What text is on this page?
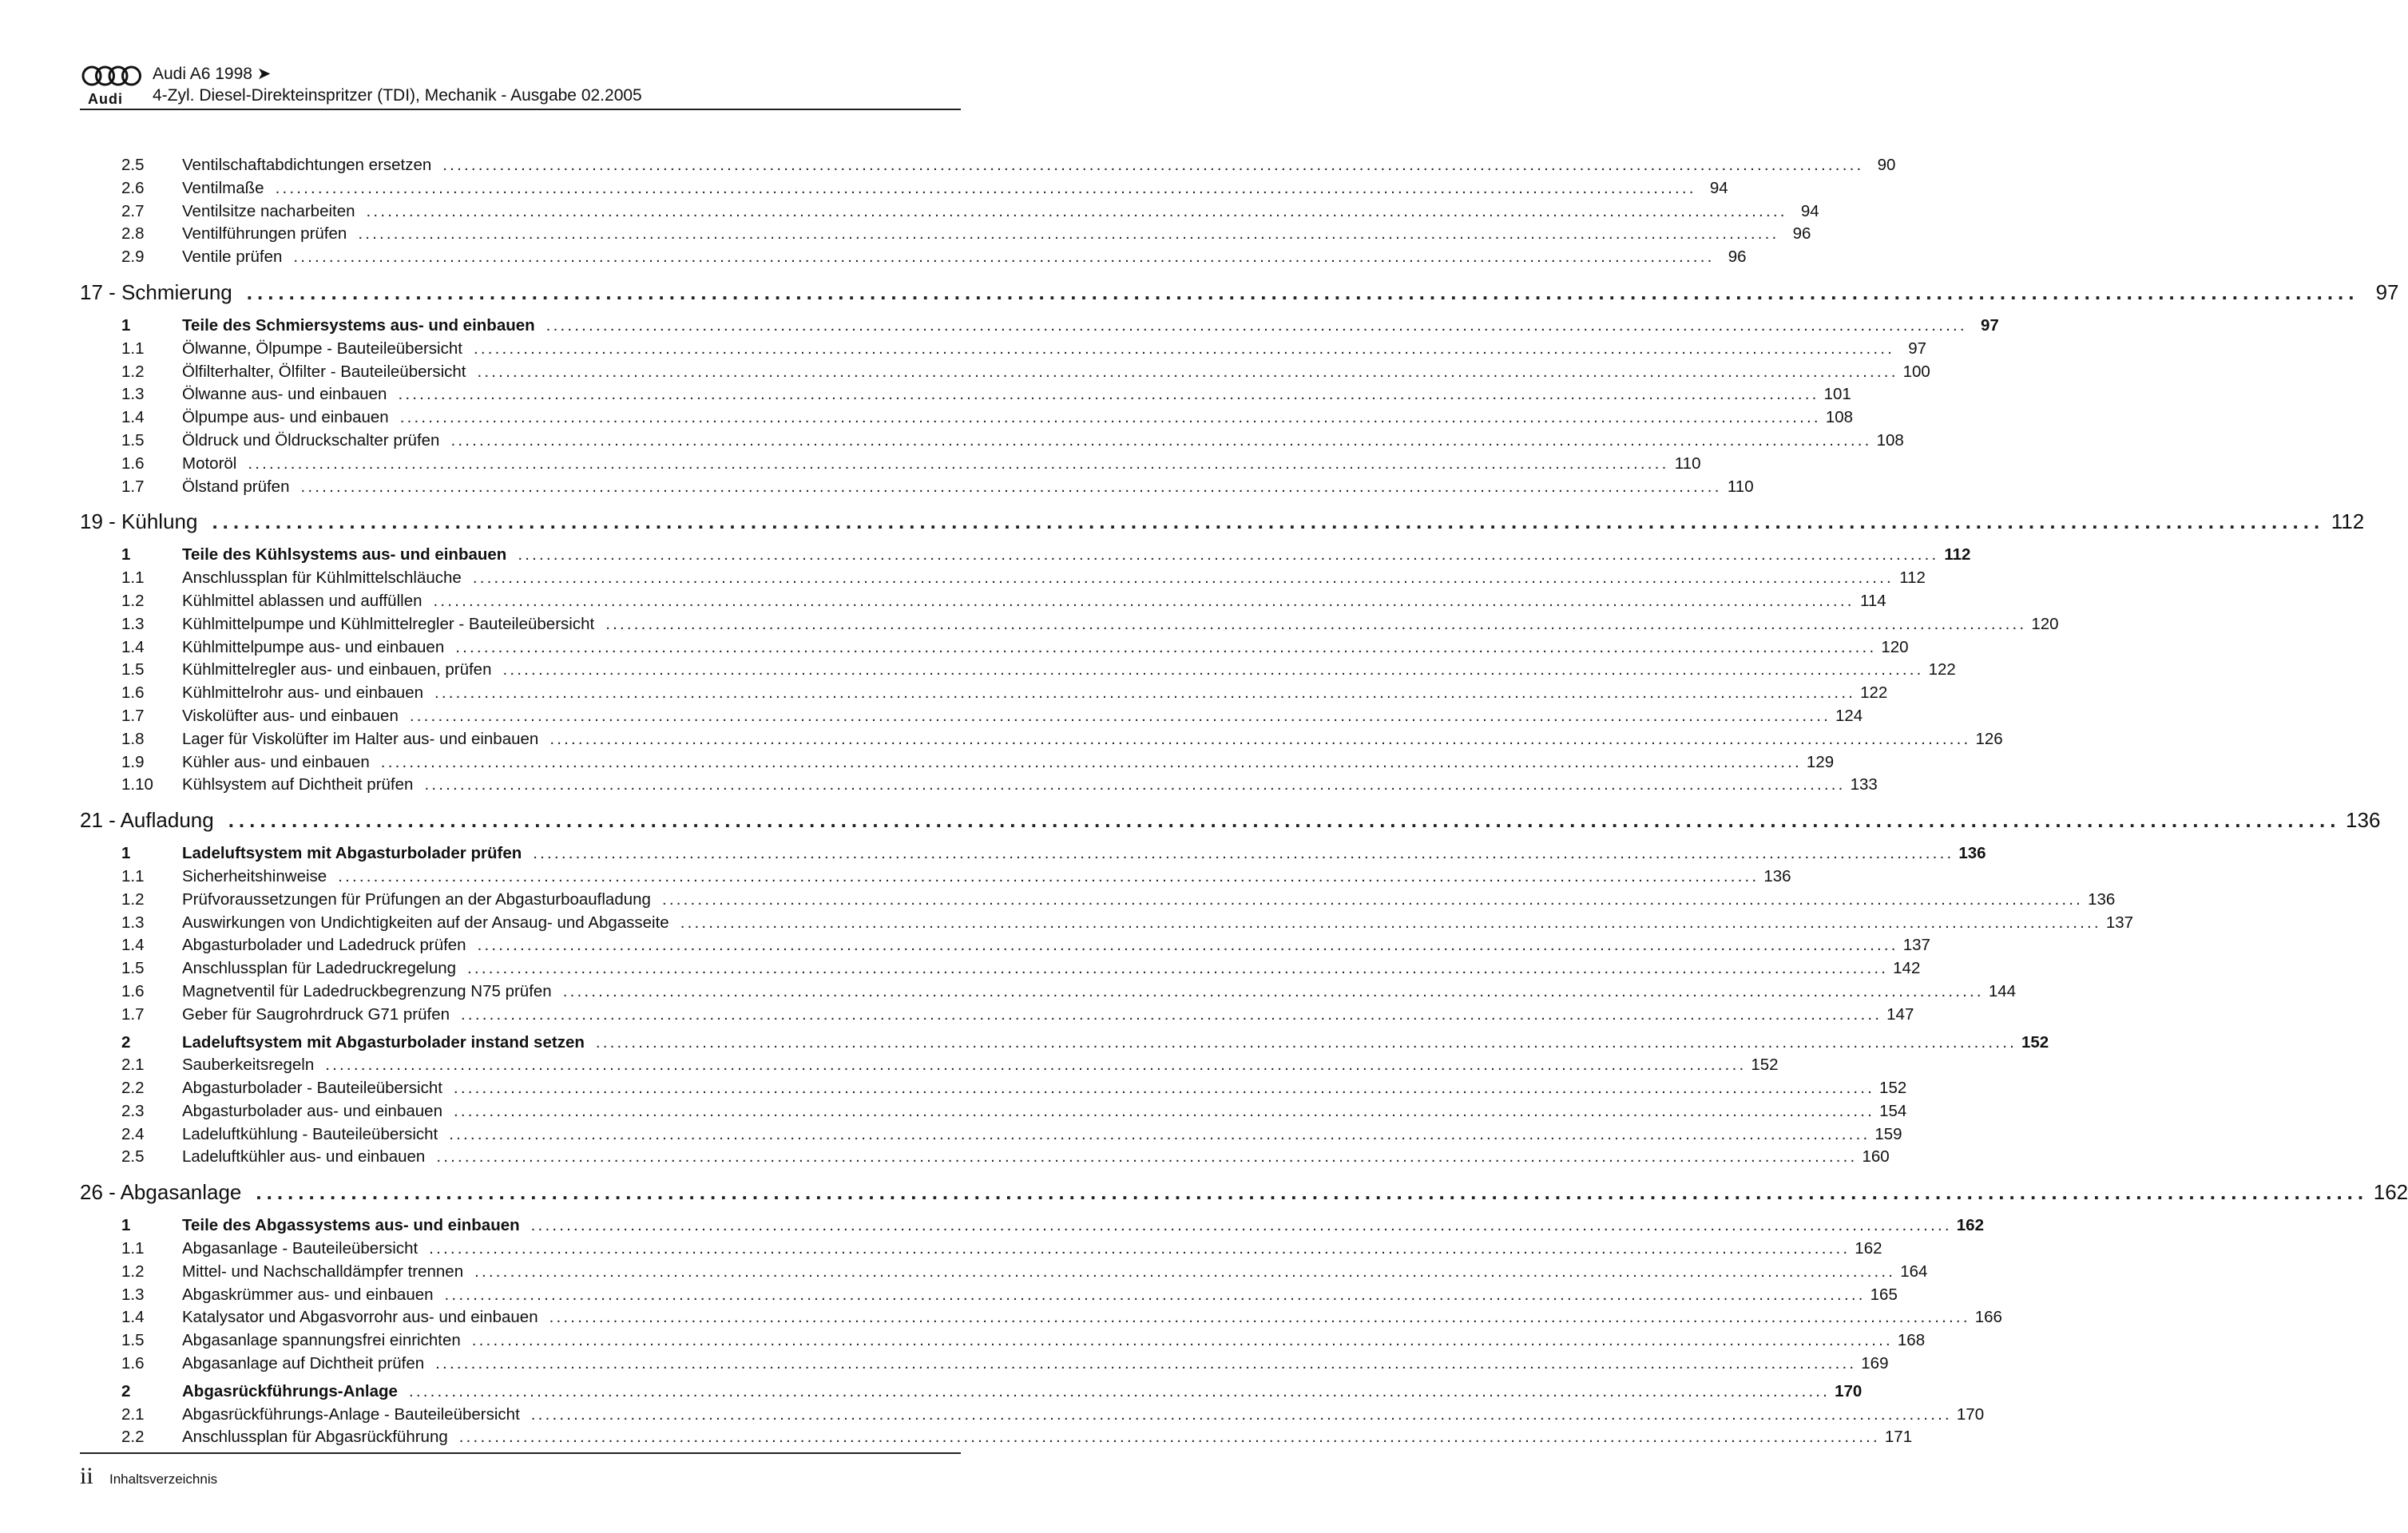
Audi
Audi A6 1998 ➤
4-Zyl. Diesel-Direkteinspritzer (TDI), Mechanik - Ausgabe 02.2005
2.5	Ventilschaftabdichtungen ersetzen ........................................................................................................................................................................................................ 90
2.6	Ventilmaße ........................................................................................................................................................................................................ 94
2.7	Ventilsitze nacharbeiten ........................................................................................................................................................................................................ 94
2.8	Ventilführungen prüfen ........................................................................................................................................................................................................ 96
2.9	Ventile prüfen ........................................................................................................................................................................................................ 96
17 - Schmierung ........................................................................................................................................................................................................ 97
1	Teile des Schmiersystems aus- und einbauen ........................................................................................................................................................................................................ 97
1.1	Ölwanne, Ölpumpe - Bauteileübersicht ........................................................................................................................................................................................................ 97
1.2	Ölfilterhalter, Ölfilter - Bauteileübersicht ........................................................................................................................................................................................................ 100
1.3	Ölwanne aus- und einbauen ........................................................................................................................................................................................................ 101
1.4	Ölpumpe aus- und einbauen ........................................................................................................................................................................................................ 108
1.5	Öldruck und Öldruckschalter prüfen ........................................................................................................................................................................................................ 108
1.6	Motoröl ........................................................................................................................................................................................................ 110
1.7	Ölstand prüfen ........................................................................................................................................................................................................ 110
19 - Kühlung ........................................................................................................................................................................................................ 112
1	Teile des Kühlsystems aus- und einbauen ........................................................................................................................................................................................................ 112
1.1	Anschlussplan für Kühlmittelschläuche ........................................................................................................................................................................................................ 112
1.2	Kühlmittel ablassen und auffüllen ........................................................................................................................................................................................................ 114
1.3	Kühlmittelpumpe und Kühlmittelregler - Bauteileübersicht ........................................................................................................................................................................................................ 120
1.4	Kühlmittelpumpe aus- und einbauen ........................................................................................................................................................................................................ 120
1.5	Kühlmittelregler aus- und einbauen, prüfen ........................................................................................................................................................................................................ 122
1.6	Kühlmittelrohr aus- und einbauen ........................................................................................................................................................................................................ 122
1.7	Viskolüfter aus- und einbauen ........................................................................................................................................................................................................ 124
1.8	Lager für Viskolüfter im Halter aus- und einbauen ........................................................................................................................................................................................................ 126
1.9	Kühler aus- und einbauen ........................................................................................................................................................................................................ 129
1.10	Kühlsystem auf Dichtheit prüfen ........................................................................................................................................................................................................ 133
21 - Aufladung ........................................................................................................................................................................................................ 136
1	Ladeluftsystem mit Abgasturbolader prüfen ........................................................................................................................................................................................................ 136
1.1	Sicherheitshinweise ........................................................................................................................................................................................................ 136
1.2	Prüfvoraussetzungen für Prüfungen an der Abgasturboaufladung ........................................................................................................................................................................................................ 136
1.3	Auswirkungen von Undichtigkeiten auf der Ansaug- und Abgasseite ........................................................................................................................................................................................................ 137
1.4	Abgasturbolader und Ladedruck prüfen ........................................................................................................................................................................................................ 137
1.5	Anschlussplan für Ladedruckregelung ........................................................................................................................................................................................................ 142
1.6	Magnetventil für Ladedruckbegrenzung N75 prüfen ........................................................................................................................................................................................................ 144
1.7	Geber für Saugrohrdruck G71 prüfen ........................................................................................................................................................................................................ 147
2	Ladeluftsystem mit Abgasturbolader instand setzen ........................................................................................................................................................................................................ 152
2.1	Sauberkeitsregeln ........................................................................................................................................................................................................ 152
2.2	Abgasturbolader - Bauteileübersicht ........................................................................................................................................................................................................ 152
2.3	Abgasturbolader aus- und einbauen ........................................................................................................................................................................................................ 154
2.4	Ladeluftkühlung - Bauteileübersicht ........................................................................................................................................................................................................ 159
2.5	Ladeluftkühler aus- und einbauen ........................................................................................................................................................................................................ 160
26 - Abgasanlage ........................................................................................................................................................................................................ 162
1	Teile des Abgassystems aus- und einbauen ........................................................................................................................................................................................................ 162
1.1	Abgasanlage - Bauteileübersicht ........................................................................................................................................................................................................ 162
1.2	Mittel- und Nachschalldämpfer trennen ........................................................................................................................................................................................................ 164
1.3	Abgaskrümmer aus- und einbauen ........................................................................................................................................................................................................ 165
1.4	Katalysator und Abgasvorrohr aus- und einbauen ........................................................................................................................................................................................................ 166
1.5	Abgasanlage spannungsfrei einrichten ........................................................................................................................................................................................................ 168
1.6	Abgasanlage auf Dichtheit prüfen ........................................................................................................................................................................................................ 169
2	Abgasrückführungs-Anlage ........................................................................................................................................................................................................ 170
2.1	Abgasrückführungs-Anlage - Bauteileübersicht ........................................................................................................................................................................................................ 170
2.2	Anschlussplan für Abgasrückführung ........................................................................................................................................................................................................ 171
ii Inhaltsverzeichnis
